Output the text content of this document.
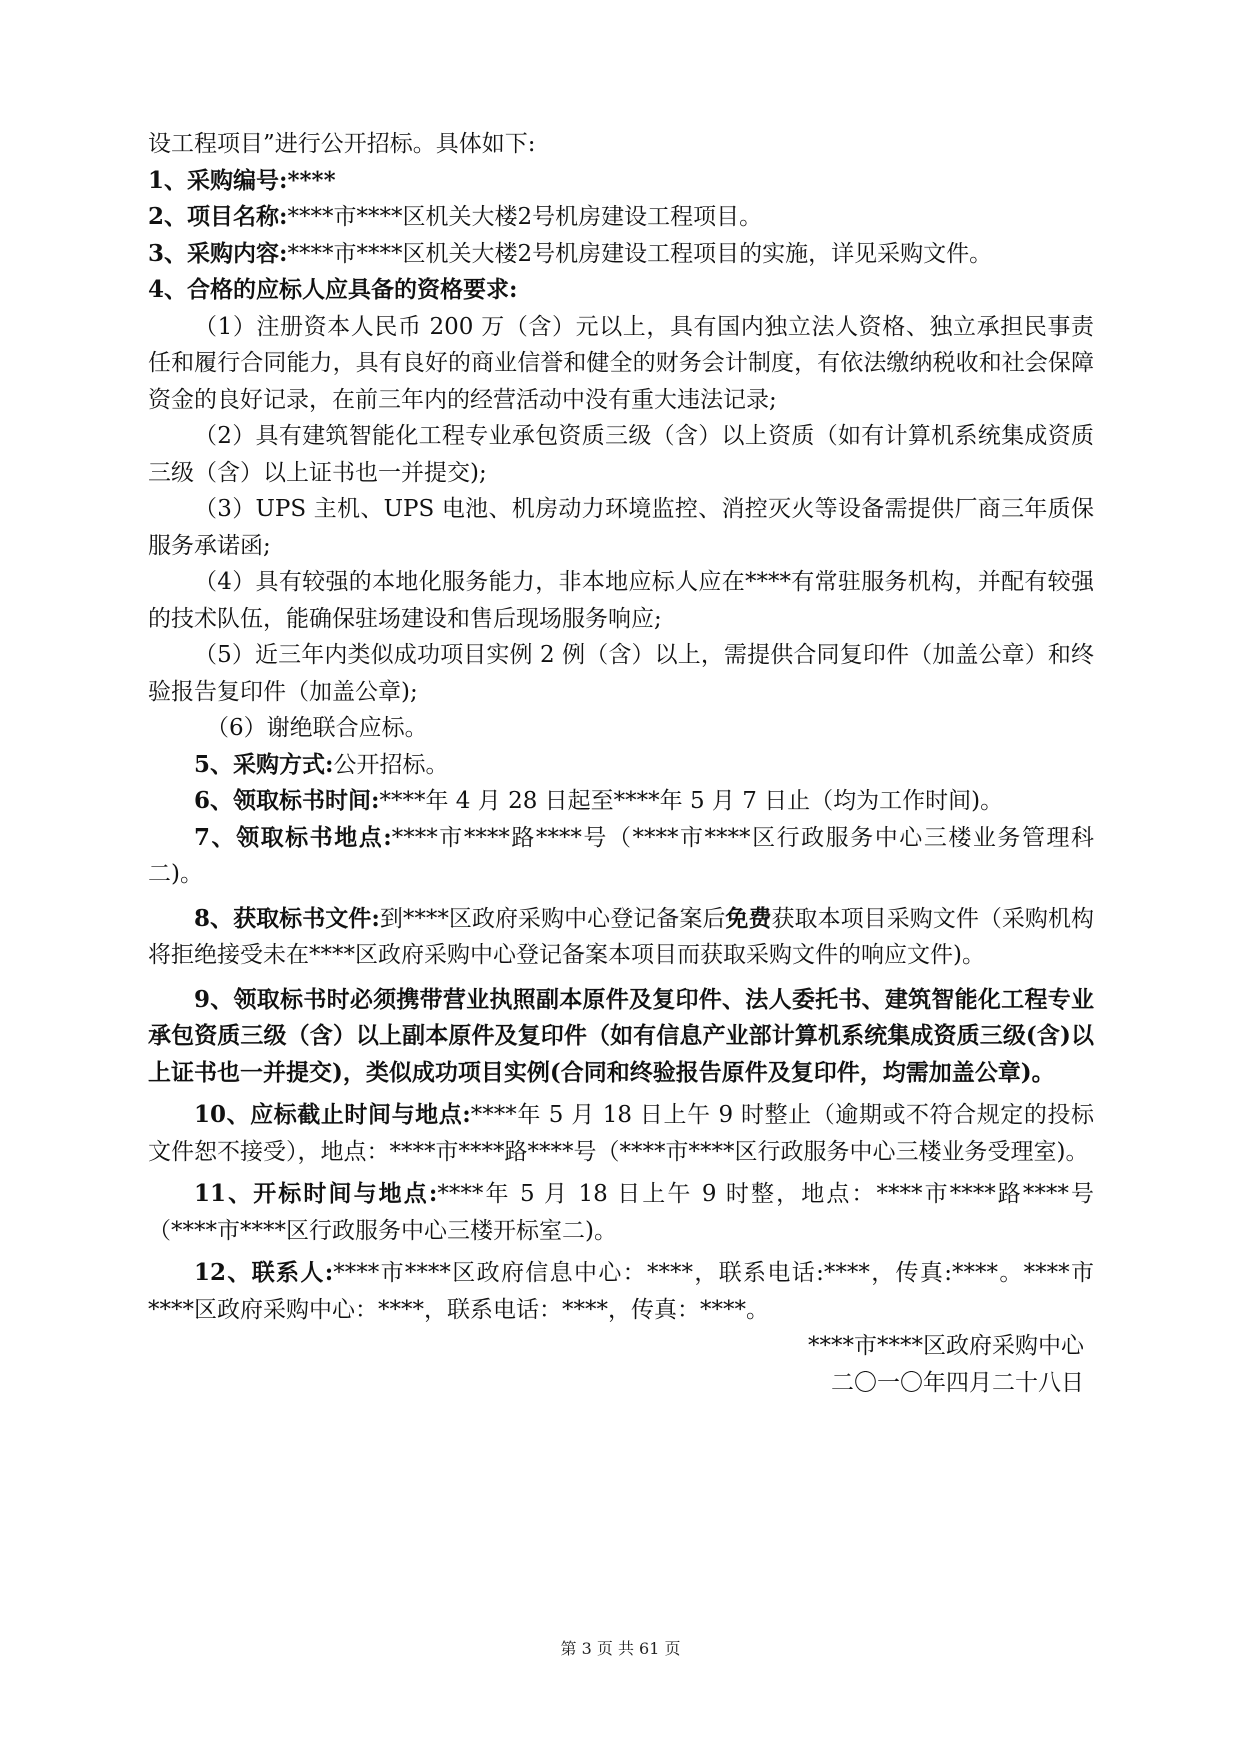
设工程项目”进行公开招标。具体如下:

1、采购编号:****

2、项目名称:****市****区机关大楼2号机房建设工程项目。

3、采购内容:****市****区机关大楼2号机房建设工程项目的实施，详见采购文件。

4、合格的应标人应具备的资格要求:

（1）注册资本人民币 200 万（含）元以上，具有国内独立法人资格、独立承担民事责任和履行合同能力，具有良好的商业信誉和健全的财务会计制度，有依法缴纳税收和社会保障资金的良好记录，在前三年内的经营活动中没有重大违法记录;

（2）具有建筑智能化工程专业承包资质三级（含）以上资质（如有计算机系统集成资质三级（含）以上证书也一并提交);

（3）UPS 主机、UPS 电池、机房动力环境监控、消控灭火等设备需提供厂商三年质保服务承诺函;

（4）具有较强的本地化服务能力，非本地应标人应在****有常驻服务机构，并配有较强的技术队伍，能确保驻场建设和售后现场服务响应;

（5）近三年内类似成功项目实例 2 例（含）以上，需提供合同复印件（加盖公章）和终验报告复印件（加盖公章);

（6）谢绝联合应标。

5、采购方式:公开招标。

6、领取标书时间:****年 4 月 28 日起至****年 5 月 7 日止（均为工作时间)。

7、领取标书地点:****市****路****号（****市****区行政服务中心三楼业务管理科二)。

8、获取标书文件:到****区政府采购中心登记备案后免费获取本项目采购文件（采购机构将拒绝接受未在****区政府采购中心登记备案本项目而获取采购文件的响应文件)。

9、领取标书时必须携带营业执照副本原件及复印件、法人委托书、建筑智能化工程专业承包资质三级（含）以上副本原件及复印件（如有信息产业部计算机系统集成资质三级(含)以上证书也一并提交)，类似成功项目实例(合同和终验报告原件及复印件，均需加盖公章)。

10、应标截止时间与地点:****年 5 月 18 日上午 9 时整止（逾期或不符合规定的投标文件恕不接受），地点：****市****路****号（****市****区行政服务中心三楼业务受理室)。

11、开标时间与地点:****年 5 月 18 日上午 9 时整，地点：****市****路****号（****市****区行政服务中心三楼开标室二)。

12、联系人:****市****区政府信息中心：****，联系电话:****，传真:****。****市****区政府采购中心：****，联系电话：****，传真：****。

****市****区政府采购中心

二〇一〇年四月二十八日

第 3 页 共 61 页
